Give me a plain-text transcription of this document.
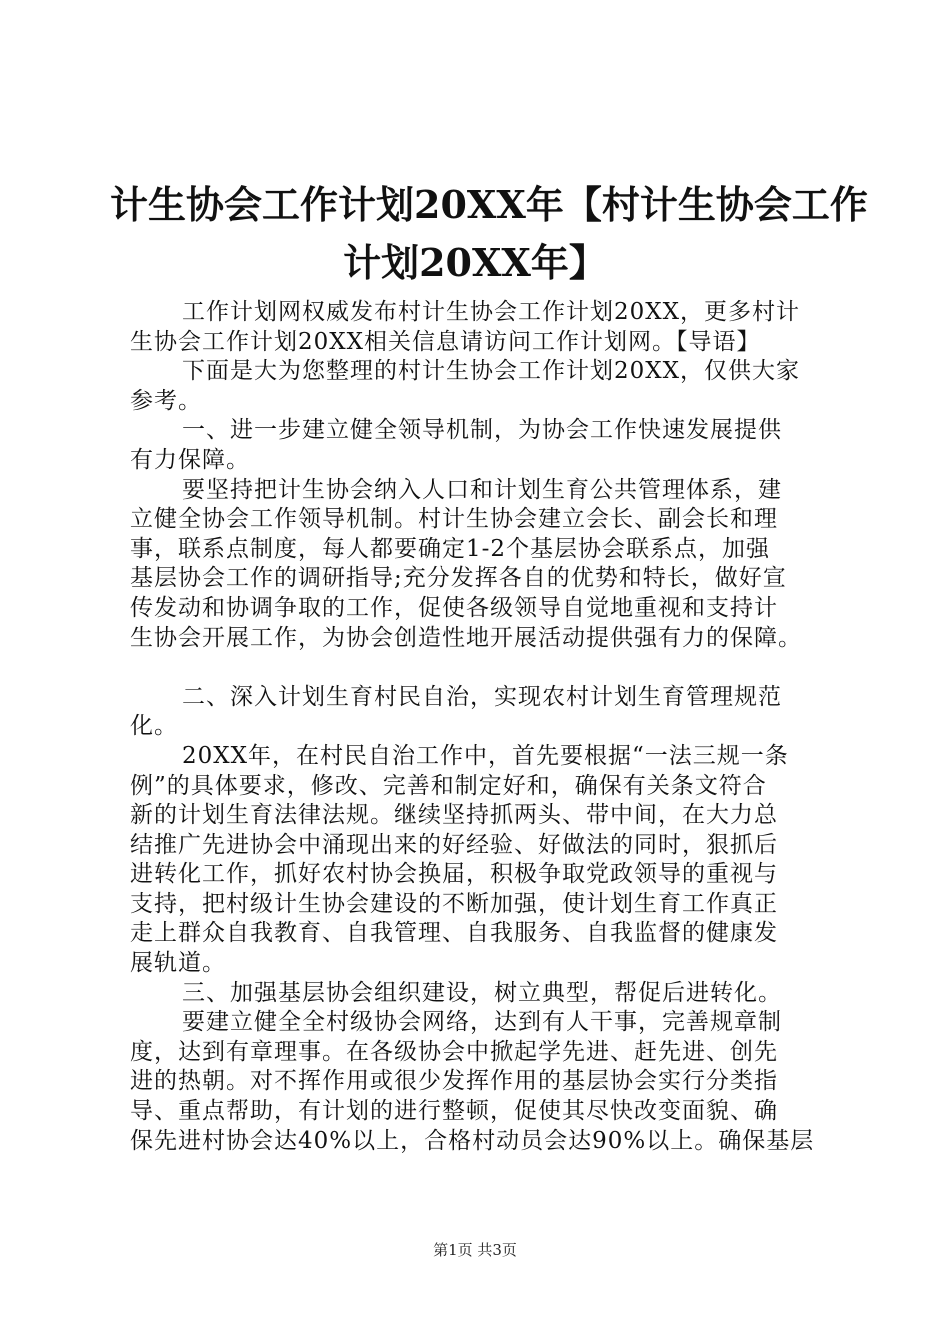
计生协会工作计划20XX年【村计生协会工作
计划20XX年】
工作计划网权威发布村计生协会工作计划20XX，更多村计
生协会工作计划20XX相关信息请访问工作计划网。【导语】
下面是大为您整理的村计生协会工作计划20XX，仅供大家
参考。
一、进一步建立健全领导机制，为协会工作快速发展提供
有力保障。
要坚持把计生协会纳入人口和计划生育公共管理体系，建
立健全协会工作领导机制。村计生协会建立会长、副会长和理
事，联系点制度，每人都要确定1-2个基层协会联系点，加强
基层协会工作的调研指导;充分发挥各自的优势和特长，做好宣
传发动和协调争取的工作，促使各级领导自觉地重视和支持计
生协会开展工作，为协会创造性地开展活动提供强有力的保障。
二、深入计划生育村民自治，实现农村计划生育管理规范
化。
20XX年，在村民自治工作中，首先要根据“一法三规一条
例”的具体要求，修改、完善和制定好和，确保有关条文符合
新的计划生育法律法规。继续坚持抓两头、带中间，在大力总
结推广先进协会中涌现出来的好经验、好做法的同时，狠抓后
进转化工作，抓好农村协会换届，积极争取党政领导的重视与
支持，把村级计生协会建设的不断加强，使计划生育工作真正
走上群众自我教育、自我管理、自我服务、自我监督的健康发
展轨道。
三、加强基层协会组织建设，树立典型，帮促后进转化。
要建立健全全村级协会网络，达到有人干事，完善规章制
度，达到有章理事。在各级协会中掀起学先进、赶先进、创先
进的热朝。对不挥作用或很少发挥作用的基层协会实行分类指
导、重点帮助，有计划的进行整顿，促使其尽快改变面貌、确
保先进村协会达40%以上，合格村动员会达90%以上。确保基层
第1页 共3页
